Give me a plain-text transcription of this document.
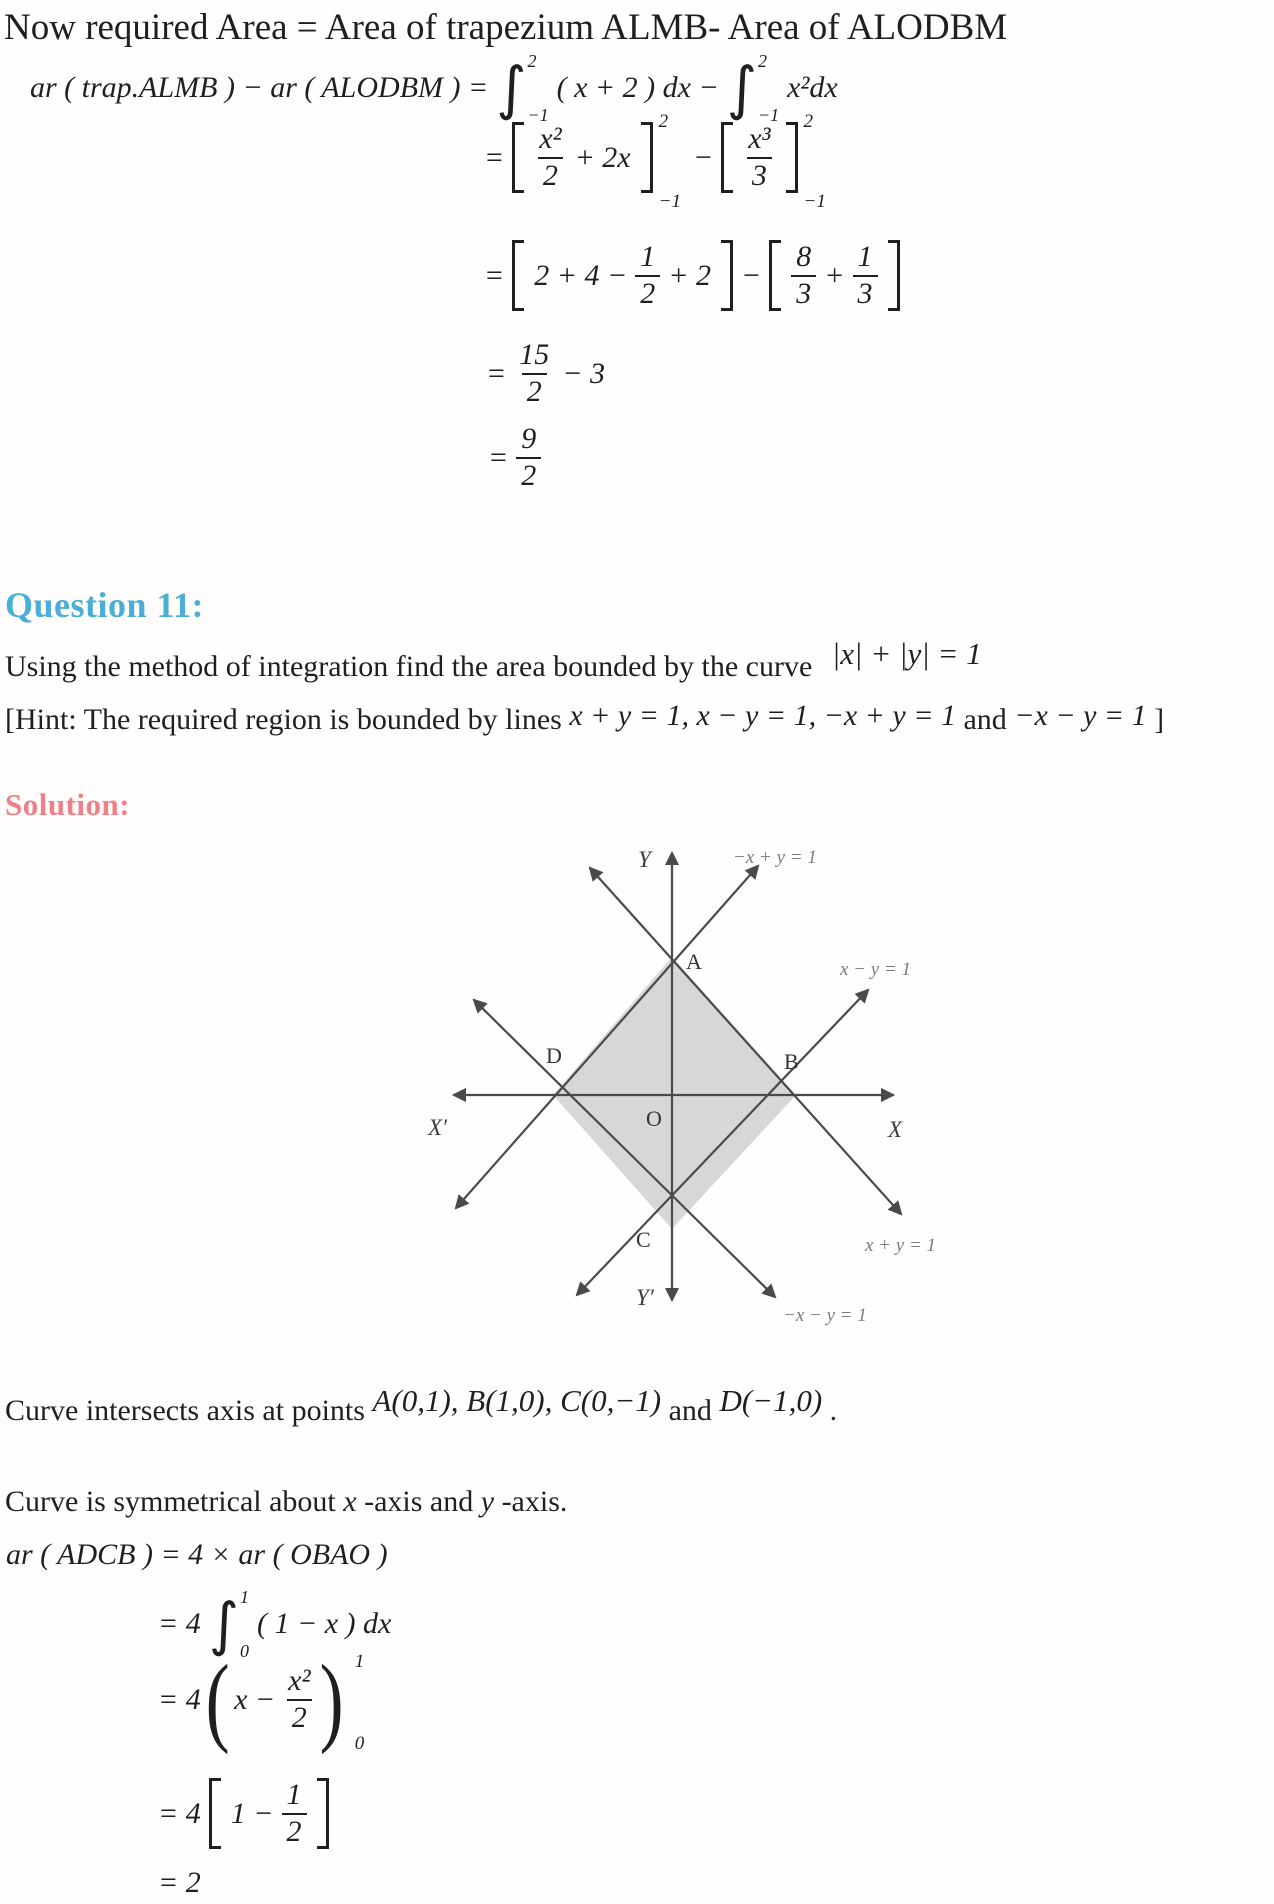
Now required Area = Area of trapezium ALMB- Area of ALODBM
ar ( trap.ALMB ) − ar ( ALODBM ) = ∫ 2
−1
( x + 2 ) dx − ∫ 2
−1
x²dx
= $\frac{\text{x²}}{2} + 2x$
2
−1
− $\frac{\text{x³}}{3}$
2
−1
= $2 + 4 - \frac{1}{2} + 2 - \frac{8}{3} + \frac{1}{3}$
= $\frac{15}{2} - 3$
= $\frac{9}{2}$
Question 11:
Using the method of integration find the area bounded by the curve |x| + |y| = 1
[Hint: The required region is bounded by lines x + y = 1, x − y = 1, −x + y = 1 and −x − y = 1 ]
Solution:
Y
Y′
X
X′	O
A
B
C
D
−x + y = 1
x − y = 1
x + y = 1
−x − y = 1
Curve intersects axis at points A(0,1), B(1,0), C(0,−1) and D(−1,0) .
Curve is symmetrical about x -axis and y -axis.
ar ( ADCB ) = 4 × ar ( OBAO )
= 4 ∫ 1
0
( 1 − x ) dx
= 4 ( $x - \frac{\text{x²}}{2}$ ) 1
0
= 4 $1 - \frac{1}{2}$
= 2
